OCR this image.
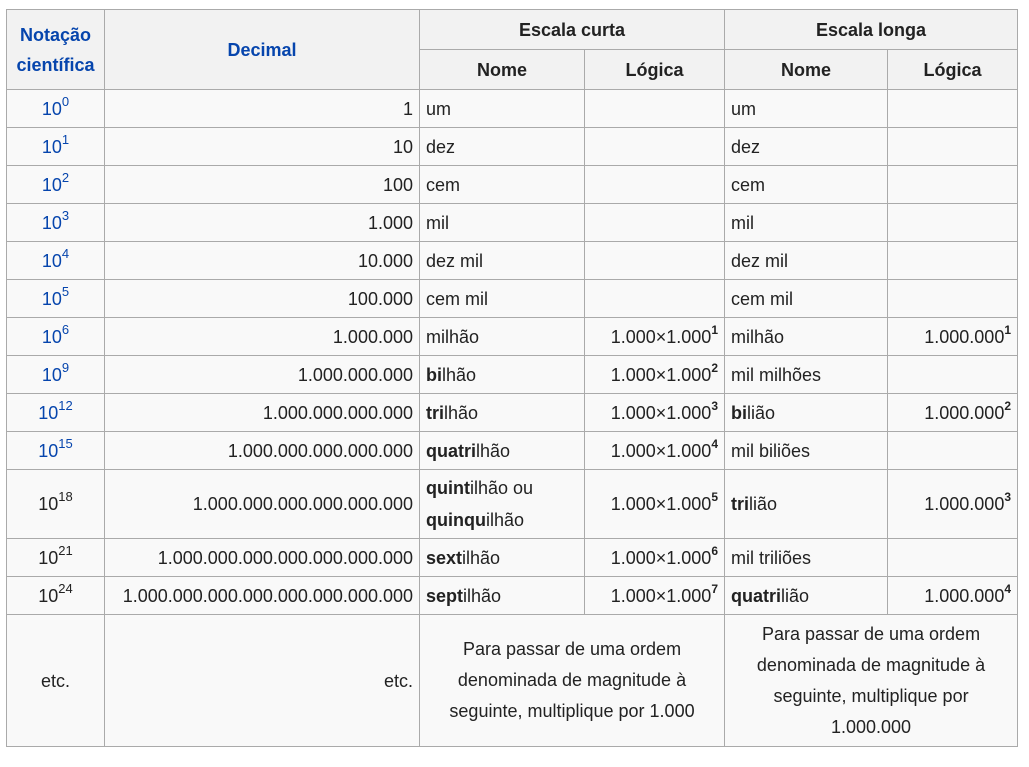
Notação científica	Decimal	Escala curta		Escala longa	
		Nome	Lógica	Nome	Lógica
$10^0$	1	um		um	
$10^1$	10	dez		dez	
$10^2$	100	cem		cem	
$10^3$	1.000	mil		mil	
$10^4$	10.000	dez mil		dez mil	
$10^5$	100.000	cem mil		cem mil	
$10^6$	1.000.000	milhão	$1.000\times 1.000^1$	milhão	1.000.000$^1$
$10^9$	1.000.000.000	bilhão	$1.000\times 1.000^2$	mil milhões	
$10^{12}$	1.000.000.000.000	trilhão	$1.000\times 1.000^3$	bilião	1.000.000$^2$
$10^{15}$	1.000.000.000.000.000	quatrilhão	$1.000\times 1.000^4$	mil biliões	
$10^{18}$	1.000.000.000.000.000.000	quintilhão ou
quinquilhão	$1.000\times 1.000^5$	trilião	1.000.000$^3$
$10^{21}$	1.000.000.000.000.000.000.000	sextilhão	$1.000\times 1.000^6$	mil triliões	
$10^{24}$	1.000.000.000.000.000.000.000.000	septilhão	$1.000\times 1.000^7$	quatrilião	1.000.000$^4$
etc.	etc.	Para passar de uma ordem denominada de magnitude à seguinte, multiplique por 1.000		Para passar de uma ordem denominada de magnitude à seguinte, multiplique por 1.000.000	
